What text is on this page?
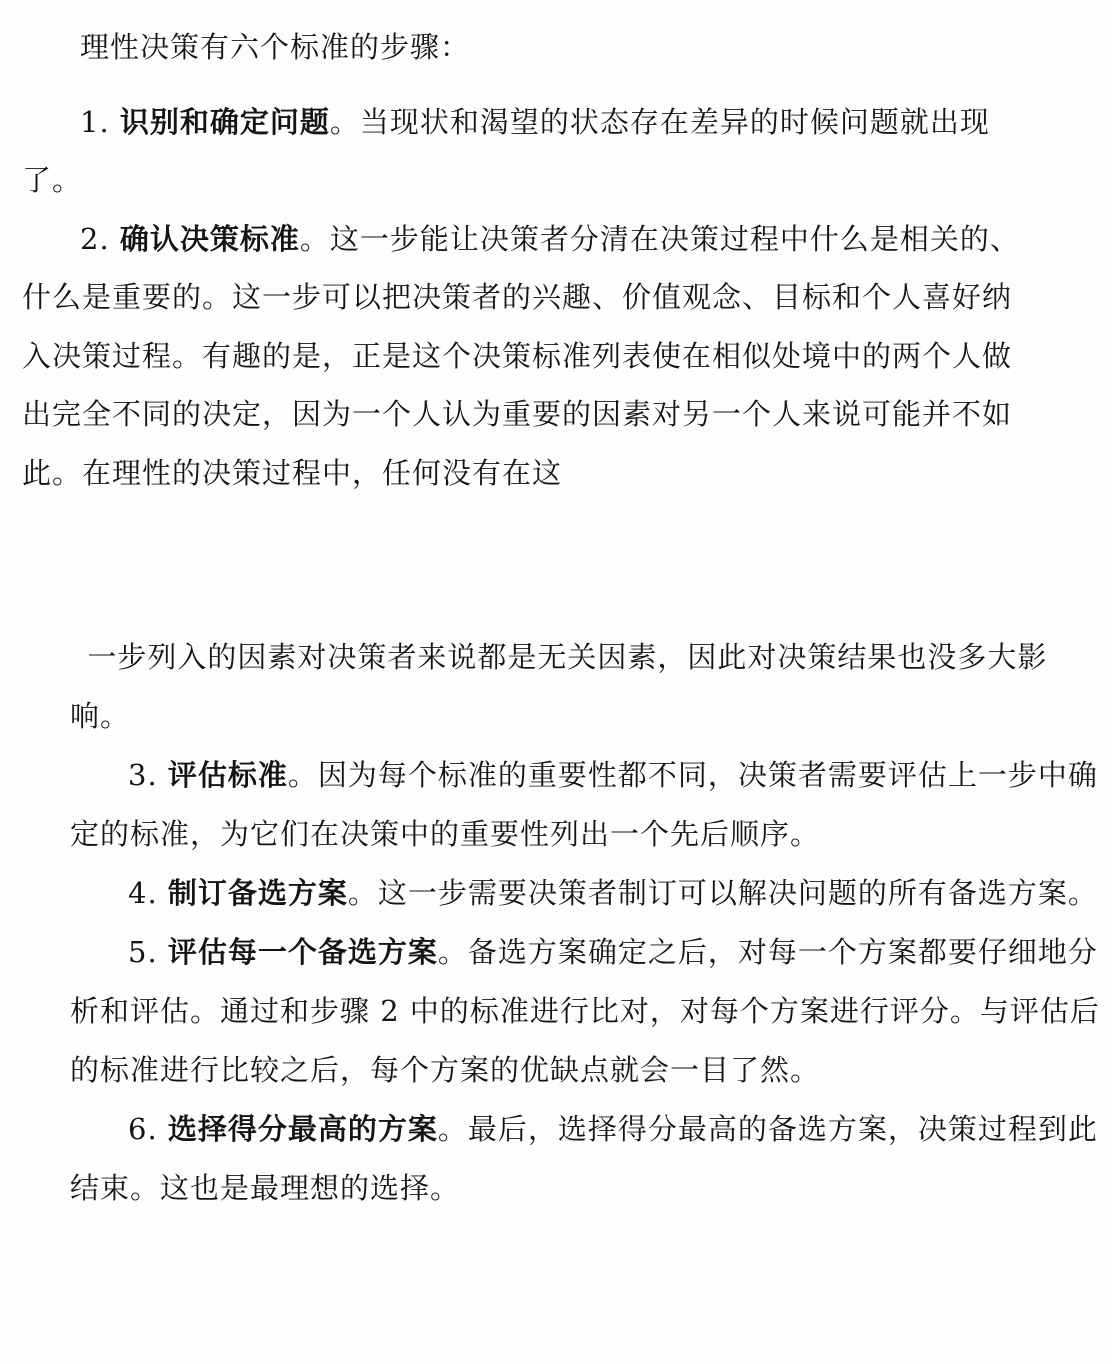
理性决策有六个标准的步骤：

1. 识别和确定问题。当现状和渴望的状态存在差异的时候问题就出现了。

2. 确认决策标准。这一步能让决策者分清在决策过程中什么是相关的、什么是重要的。这一步可以把决策者的兴趣、价值观念、目标和个人喜好纳入决策过程。有趣的是，正是这个决策标准列表使在相似处境中的两个人做出完全不同的决定，因为一个人认为重要的因素对另一个人来说可能并不如此。在理性的决策过程中，任何没有在这

一步列入的因素对决策者来说都是无关因素，因此对决策结果也没多大影响。

3. 评估标准。因为每个标准的重要性都不同，决策者需要评估上一步中确定的标准，为它们在决策中的重要性列出一个先后顺序。

4. 制订备选方案。这一步需要决策者制订可以解决问题的所有备选方案。

5. 评估每一个备选方案。备选方案确定之后，对每一个方案都要仔细地分析和评估。通过和步骤 2 中的标准进行比对，对每个方案进行评分。与评估后的标准进行比较之后，每个方案的优缺点就会一目了然。

6. 选择得分最高的方案。最后，选择得分最高的备选方案，决策过程到此结束。这也是最理想的选择。
